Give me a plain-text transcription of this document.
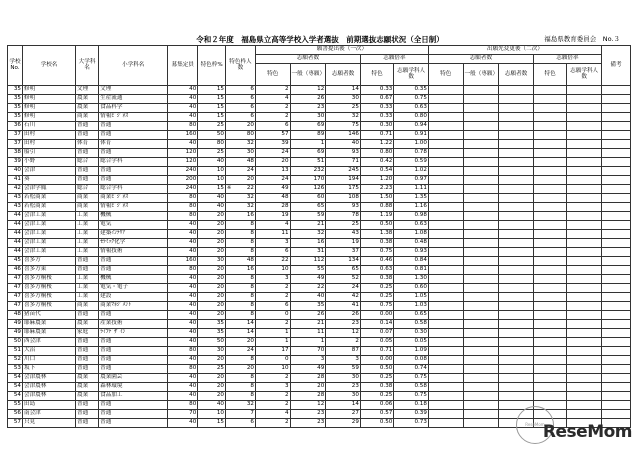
令和２年度　福島県立高等学校入学者選抜　前期選抜志願状況（全日制）	福島県教育委員会　No.３
学校No.	学校名	大学科名	小学科名	募集定員	特色枠%	特色枠人数	願書提出後（一次）					出願先変更後（二次）					備考
							志願者数			志願倍率		志願者数			志願倍率		
							特色	一般（専願）	志願者数	特色	志願学科人数	特色	一般（専願）	志願者数	特色	志願学科人数	
35	修明	文理	文理	40	15	6	2	12	14	0.33	0.35						
35	修明	農業	生産流通	40	15	6	4	26	30	0.67	0.75						
35	修明	農業	食品科学	40	15	6	2	23	25	0.33	0.63						
35	修明	商業	情報ﾋﾞｼﾞﾈｽ	40	15	6	2	30	32	0.33	0.80						
36	石川	普通	普通	80	25	20	6	69	75	0.30	0.94						
37	田村	普通	普通	160	50	80	57	89	146	0.71	0.91						
37	田村	体育	体育	40	80	32	39	1	40	1.22	1.00						
38	船引	普通	普通	120	25	30	24	69	93	0.80	0.78						
39	小野	総合	総合学科	120	40	48	20	51	71	0.42	0.59						
40	会津	普通	普通	240	10	24	13	232	245	0.54	1.02						
41	葵	普通	普通	200	10	20	24	170	194	1.20	0.97						
42	会津学鳳	総合	総合学科	240	15	※ 22	49	126	175	2.23	1.11						
43	若松商業	商業	商業ﾋﾞｼﾞﾈｽ	80	40	32	48	60	108	1.50	1.35						
43	若松商業	商業	情報ﾋﾞｼﾞﾈｽ	80	40	32	28	65	93	0.88	1.16						
44	会津工業	工業	機械	80	20	16	19	59	78	1.19	0.98						
44	会津工業	工業	電気	40	20	8	4	21	25	0.50	0.63						
44	会津工業	工業	建築ｲﾝﾃﾘｱ	40	20	8	11	32	43	1.38	1.08						
44	会津工業	工業	ｾﾗﾐｯｸ化学	40	20	8	3	16	19	0.38	0.48						
44	会津工業	工業	情報技術	40	20	8	6	31	37	0.75	0.93						
45	喜多方	普通	普通	160	30	48	22	112	134	0.46	0.84						
46	喜多方東	普通	普通	80	20	16	10	55	65	0.63	0.81						
47	喜多方桐桜	工業	機械	40	20	8	3	49	52	0.38	1.30						
47	喜多方桐桜	工業	電気・電子	40	20	8	2	22	24	0.25	0.60						
47	喜多方桐桜	工業	建設	40	20	8	2	40	42	0.25	1.05						
47	喜多方桐桜	商業	商業ﾏﾈｼﾞﾒﾝﾄ	40	20	8	6	35	41	0.75	1.03						
48	猪苗代	普通	普通	40	20	8	0	26	26	0.00	0.65						
49	耶麻農業	農業	産業技術	40	35	14	2	21	23	0.14	0.58						
49	耶麻農業	家庭	ﾗｲﾌﾃﾞｻﾞｲﾝ	40	35	14	1	11	12	0.07	0.30						
50	西会津	普通	普通	40	50	20	1	1	2	0.05	0.05						
51	大沼	普通	普通	80	30	24	17	70	87	0.71	1.09						
52	川口	普通	普通	40	20	8	0	3	3	0.00	0.08						
53	坂下	普通	普通	80	25	20	10	49	59	0.50	0.74						
54	会津農林	農業	農業園芸	40	20	8	2	28	30	0.25	0.75						
54	会津農林	農業	森林環境	40	20	8	3	20	23	0.38	0.58						
54	会津農林	農業	食品加工	40	20	8	2	28	30	0.25	0.75						
55	田島	普通	普通	80	40	32	2	12	14	0.06	0.18						
56	南会津	普通	普通	70	10	7	4	23	27	0.57	0.39						
57	只見	普通	普通	40	15	6	2	23	29	0.50	0.73							ReseMom
ReseMom
